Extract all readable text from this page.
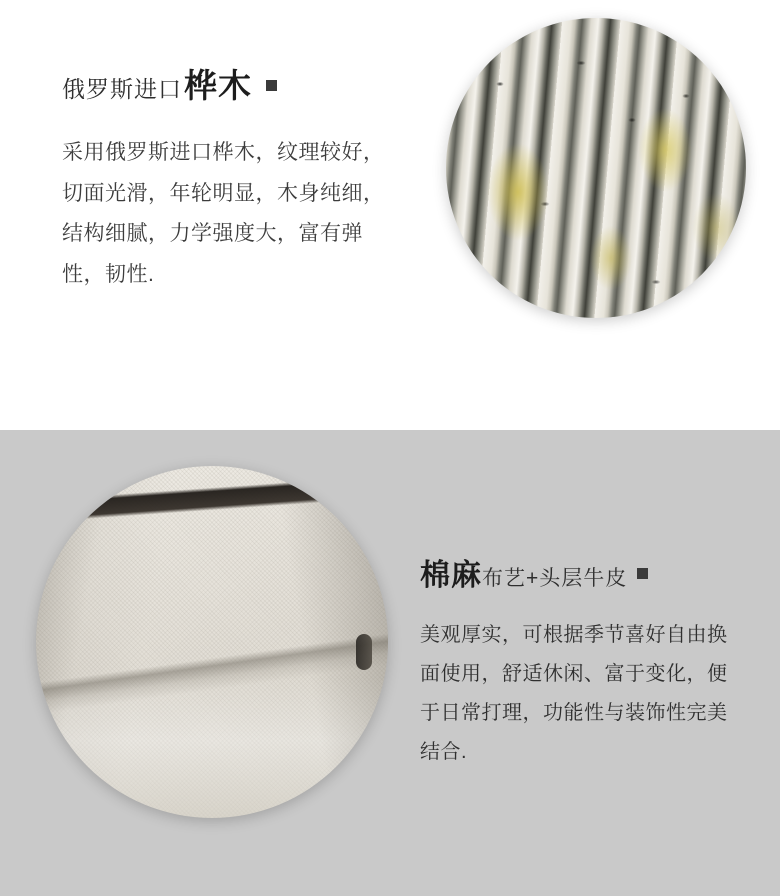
俄罗斯进口 桦木

采用俄罗斯进口桦木，纹理较好，切面光滑，年轮明显，木身纯细，结构细腻，力学强度大，富有弹性，韧性.

棉麻 布艺+头层牛皮

美观厚实，可根据季节喜好自由换面使用，舒适休闲、富于变化，便于日常打理，功能性与装饰性完美结合.
